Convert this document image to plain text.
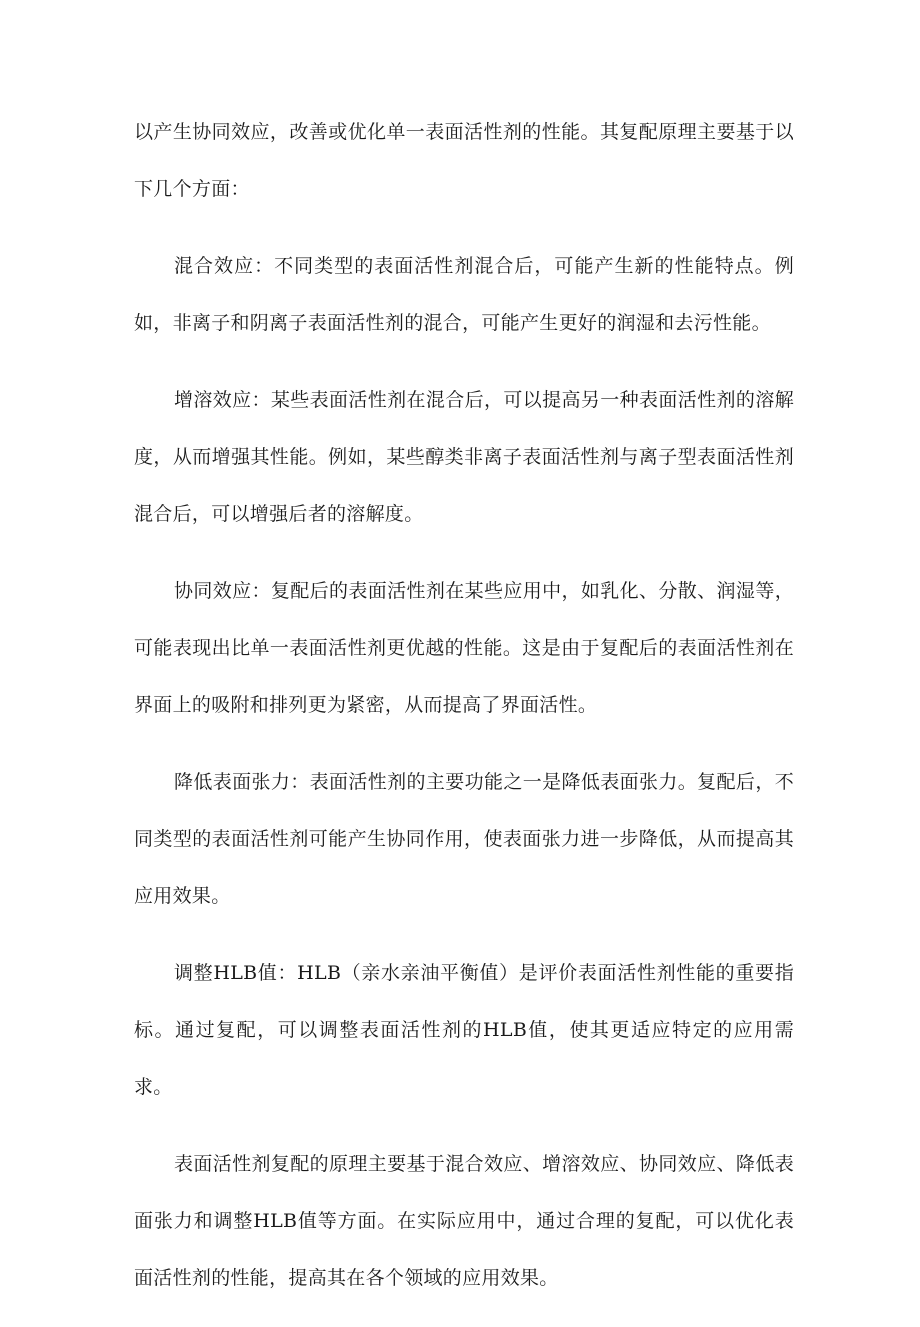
以产生协同效应，改善或优化单一表面活性剂的性能。其复配原理主要基于以下几个方面：

混合效应：不同类型的表面活性剂混合后，可能产生新的性能特点。例如，非离子和阴离子表面活性剂的混合，可能产生更好的润湿和去污性能。

增溶效应：某些表面活性剂在混合后，可以提高另一种表面活性剂的溶解度，从而增强其性能。例如，某些醇类非离子表面活性剂与离子型表面活性剂混合后，可以增强后者的溶解度。

协同效应：复配后的表面活性剂在某些应用中，如乳化、分散、润湿等，可能表现出比单一表面活性剂更优越的性能。这是由于复配后的表面活性剂在界面上的吸附和排列更为紧密，从而提高了界面活性。

降低表面张力：表面活性剂的主要功能之一是降低表面张力。复配后，不同类型的表面活性剂可能产生协同作用，使表面张力进一步降低，从而提高其应用效果。

调整HLB值：HLB（亲水亲油平衡值）是评价表面活性剂性能的重要指标。通过复配，可以调整表面活性剂的HLB值，使其更适应特定的应用需求。

表面活性剂复配的原理主要基于混合效应、增溶效应、协同效应、降低表面张力和调整HLB值等方面。在实际应用中，通过合理的复配，可以优化表面活性剂的性能，提高其在各个领域的应用效果。
